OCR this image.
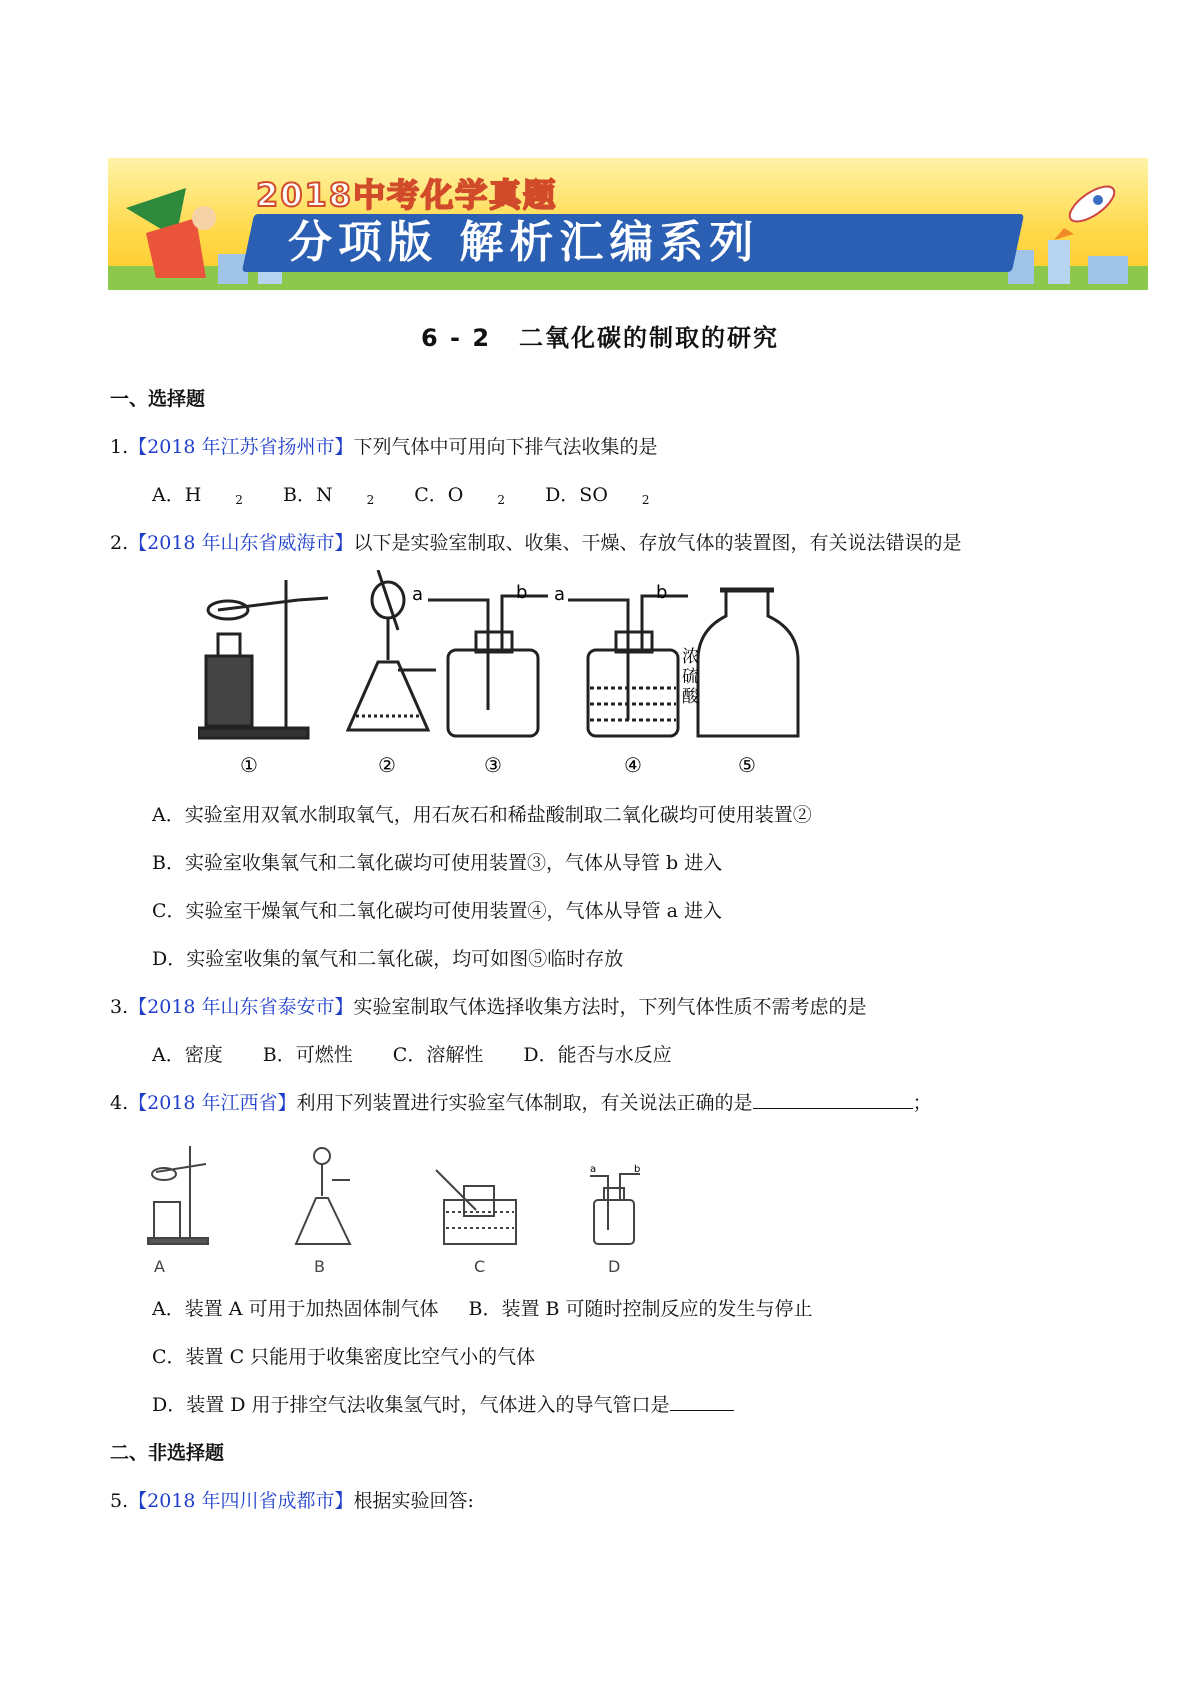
2018中考化学真题
分项版 解析汇编系列
6 - 2 二氧化碳的制取的研究
一、选择题
1.【2018 年江苏省扬州市】下列气体中可用向下排气法收集的是
A．H	$_2$ B．N	$_2$ C．O	$_2$ D．SO	$_2$
2.【2018 年山东省威海市】以下是实验室制取、收集、干燥、存放气体的装置图，有关说法错误的是
a	b a	b
浓
硫
酸
①	②	③	④	⑤
A．实验室用双氧水制取氧气，用石灰石和稀盐酸制取二氧化碳均可使用装置②
B．实验室收集氧气和二氧化碳均可使用装置③，气体从导管 b 进入
C．实验室干燥氧气和二氧化碳均可使用装置④，气体从导管 a 进入
D．实验室收集的氧气和二氧化碳，均可如图⑤临时存放
3.【2018 年山东省泰安市】实验室制取气体选择收集方法时，下列气体性质不需考虑的是
A．密度 B．可燃性 C．溶解性 D．能否与水反应
4.【2018 年江西省】利用下列装置进行实验室气体制取，有关说法正确的是	；
a	b
A	B	C	D
A．装置 A 可用于加热固体制气体 B．装置 B 可随时控制反应的发生与停止
C．装置 C 只能用于收集密度比空气小的气体
D．装置 D 用于排空气法收集氢气时，气体进入的导气管口是
二、非选择题
5.【2018 年四川省成都市】根据实验回答:
